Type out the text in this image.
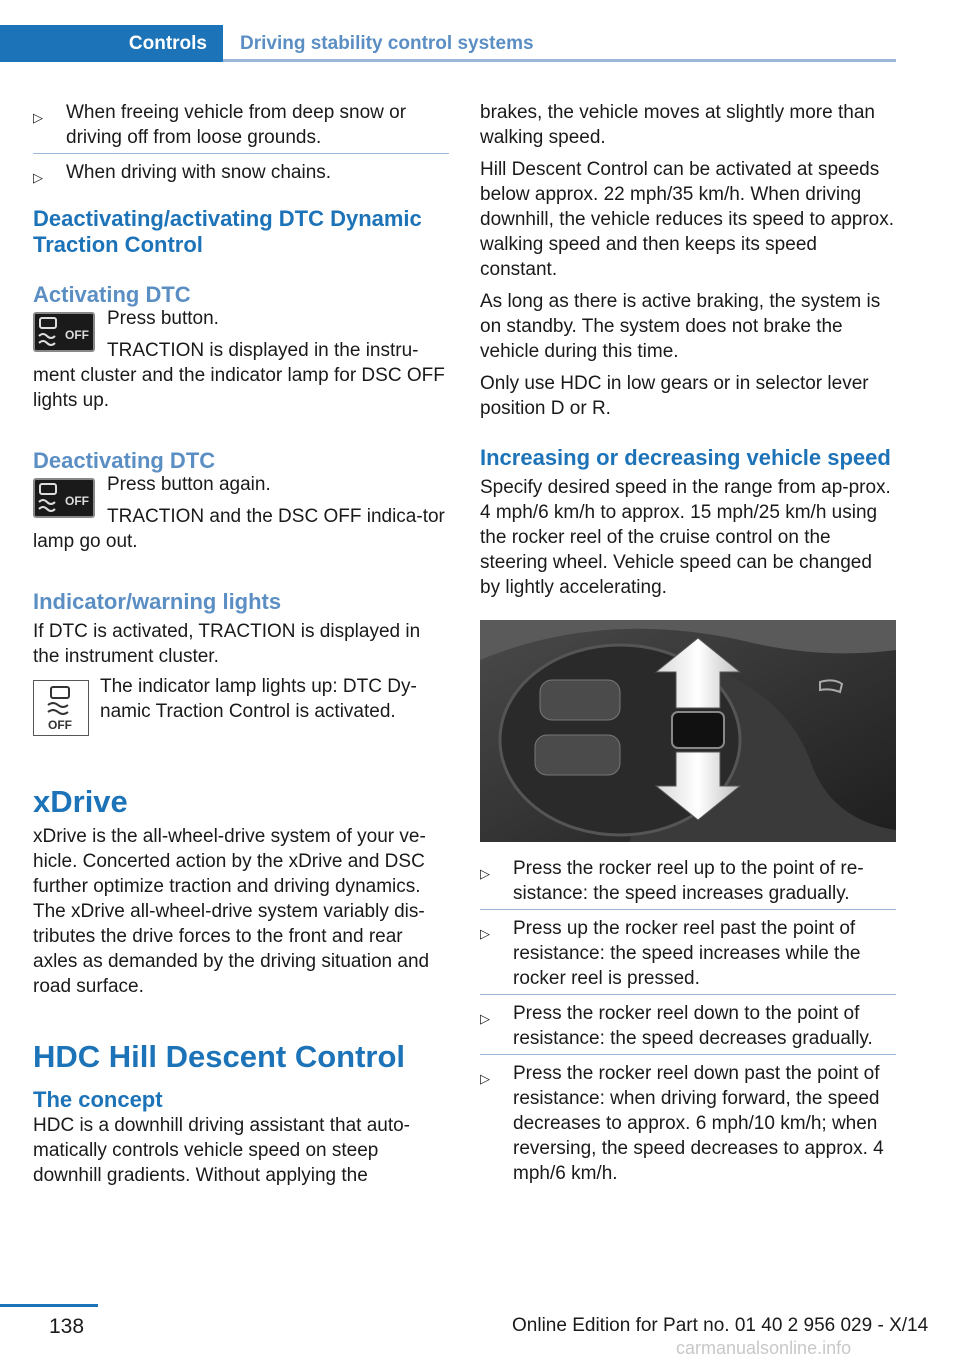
Controls	Driving stability control systems
▷ When freeing vehicle from deep snow or driving off from loose grounds.
▷ When driving with snow chains.
Deactivating/activating DTC Dynamic Traction Control
Activating DTC
OFF

Press button.

TRACTION is displayed in the instru-ment cluster and the indicator lamp for DSC OFF lights up.

Deactivating DTC
OFF

Press button again.

TRACTION and the DSC OFF indica-tor lamp go out.

Indicator/warning lights

If DTC is activated, TRACTION is displayed in the instrument cluster.

OFF

The indicator lamp lights up: DTC Dy-namic Traction Control is activated.

xDrive

xDrive is the all-wheel-drive system of your ve-hicle. Concerted action by the xDrive and DSC further optimize traction and driving dynamics. The xDrive all-wheel-drive system variably dis-tributes the drive forces to the front and rear axles as demanded by the driving situation and road surface.

HDC Hill Descent Control
The concept

HDC is a downhill driving assistant that auto-matically controls vehicle speed on steep downhill gradients. Without applying the

brakes, the vehicle moves at slightly more than walking speed.

Hill Descent Control can be activated at speeds below approx. 22 mph/35 km/h. When driving downhill, the vehicle reduces its speed to approx. walking speed and then keeps its speed constant.

As long as there is active braking, the system is on standby. The system does not brake the vehicle during this time.

Only use HDC in low gears or in selector lever position D or R.

Increasing or decreasing vehicle speed

Specify desired speed in the range from ap-prox. 4 mph/6 km/h to approx. 15 mph/25 km/h using the rocker reel of the cruise control on the steering wheel. Vehicle speed can be changed by lightly accelerating.

▷ Press the rocker reel up to the point of re-sistance: the speed increases gradually.
▷ Press up the rocker reel past the point of resistance: the speed increases while the rocker reel is pressed.
▷ Press the rocker reel down to the point of resistance: the speed decreases gradually.
▷ Press the rocker reel down past the point of resistance: when driving forward, the speed decreases to approx. 6 mph/10 km/h; when reversing, the speed decreases to approx. 4 mph/6 km/h.
138	Online Edition for Part no. 01 40 2 956 029 - X/14
carmanualsonline.info
